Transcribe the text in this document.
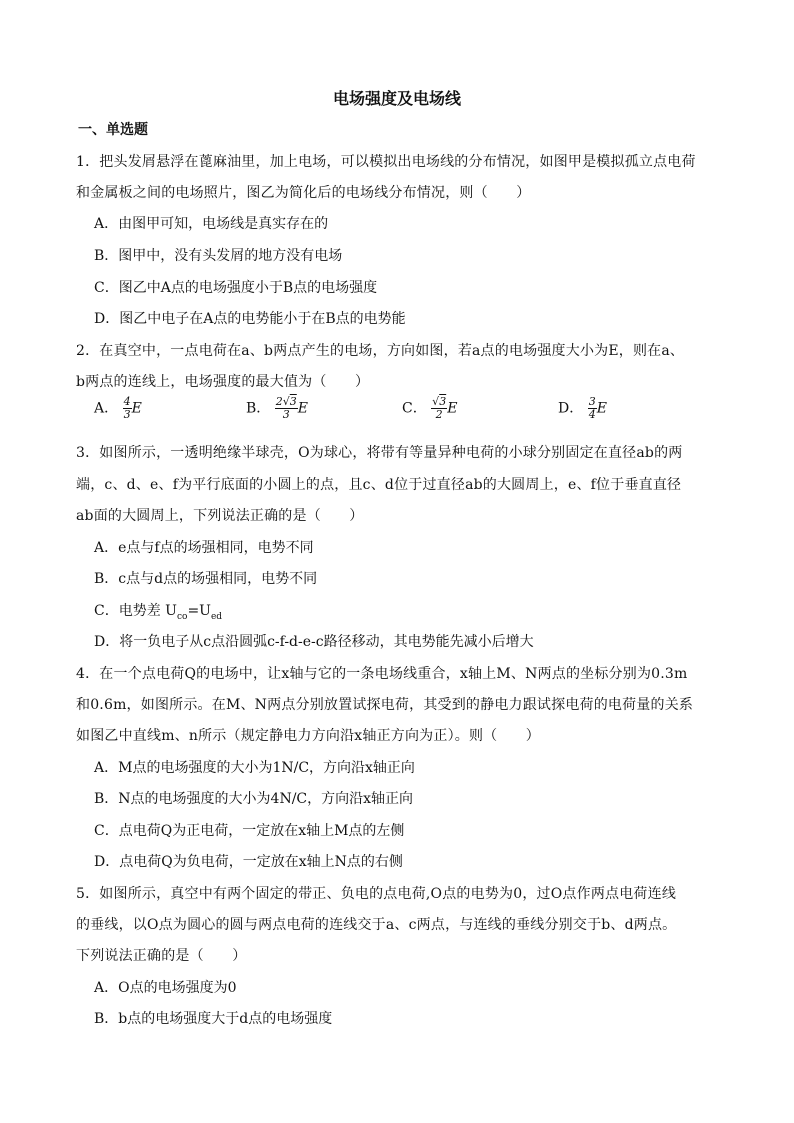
电场强度及电场线
一、单选题
1．把头发屑悬浮在蓖麻油里，加上电场，可以模拟出电场线的分布情况，如图甲是模拟孤立点电荷
和金属板之间的电场照片，图乙为简化后的电场线分布情况，则（　　）
A．由图甲可知，电场线是真实存在的
B．图甲中，没有头发屑的地方没有电场
C．图乙中A点的电场强度小于B点的电场强度
D．图乙中电子在A点的电势能小于在B点的电势能
2．在真空中，一点电荷在a、b两点产生的电场，方向如图，若a点的电场强度大小为E，则在a、
b两点的连线上，电场强度的最大值为（　　）
A． $\frac{4}{3}$ E	B． $\frac{2√3}{3}$ E	C． $\frac{√3}{2}$ E	D． $\frac{3}{4}$ E
3．如图所示，一透明绝缘半球壳，O为球心，将带有等量异种电荷的小球分别固定在直径ab的两
端，c、d、e、f为平行底面的小圆上的点，且c、d位于过直径ab的大圆周上，e、f位于垂直直径
ab面的大圆周上，下列说法正确的是（　　）
A．e点与f点的场强相同，电势不同
B．c点与d点的场强相同，电势不同
C．电势差 $U_{co}=U_{ed}$
D．将一负电子从c点沿圆弧c-f-d-e-c路径移动，其电势能先减小后增大
4．在一个点电荷Q的电场中，让x轴与它的一条电场线重合，x轴上M、N两点的坐标分别为0.3m
和0.6m，如图所示。在M、N两点分别放置试探电荷，其受到的静电力跟试探电荷的电荷量的关系
如图乙中直线m、n所示（规定静电力方向沿x轴正方向为正）。则（　　）
A．M点的电场强度的大小为1N/C，方向沿x轴正向
B．N点的电场强度的大小为4N/C，方向沿x轴正向
C．点电荷Q为正电荷，一定放在x轴上M点的左侧
D．点电荷Q为负电荷，一定放在x轴上N点的右侧
5．如图所示，真空中有两个固定的带正、负电的点电荷,O点的电势为0，过O点作两点电荷连线
的垂线，以O点为圆心的圆与两点电荷的连线交于a、c两点，与连线的垂线分别交于b、d两点。
下列说法正确的是（　　）
A．O点的电场强度为0
B．b点的电场强度大于d点的电场强度
